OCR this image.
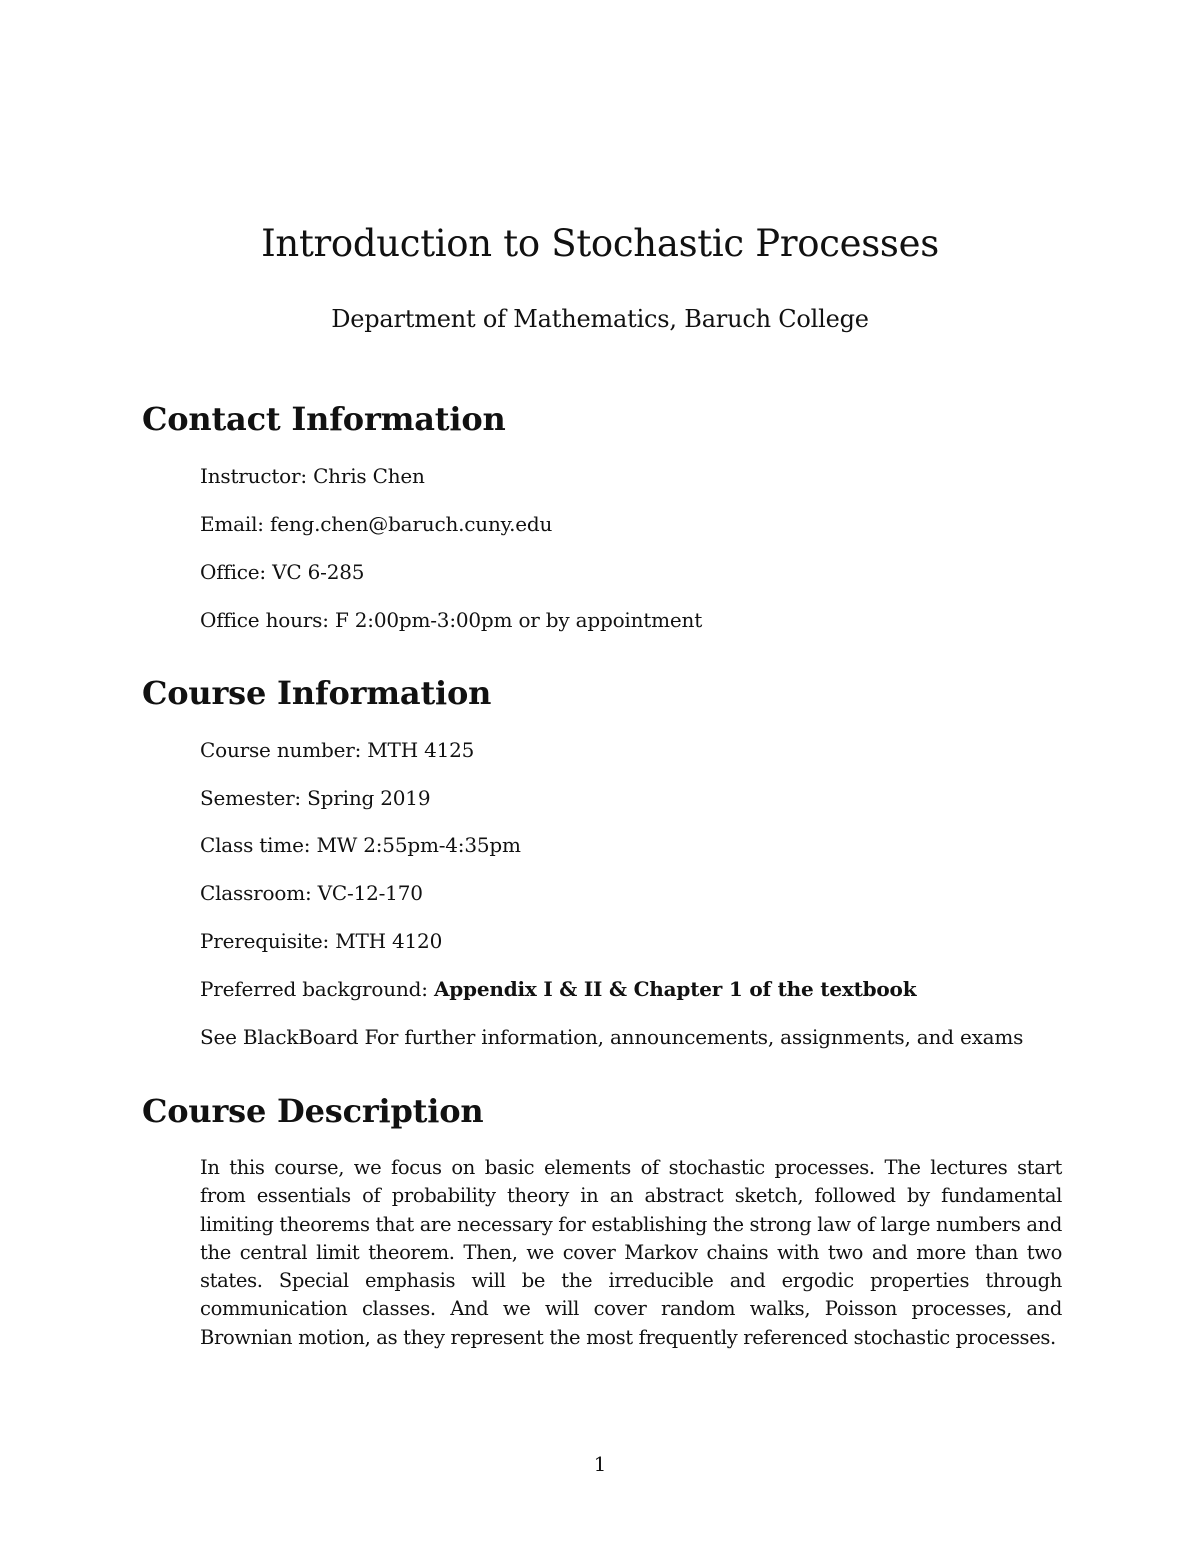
Introduction to Stochastic Processes

Department of Mathematics, Baruch College

Contact Information

Instructor: Chris Chen

Email: feng.chen@baruch.cuny.edu

Office: VC 6-285

Office hours: F 2:00pm-3:00pm or by appointment

Course Information

Course number: MTH 4125

Semester: Spring 2019

Class time: MW 2:55pm-4:35pm

Classroom: VC-12-170

Prerequisite: MTH 4120

Preferred background: Appendix I & II & Chapter 1 of the textbook

See BlackBoard For further information, announcements, assignments, and exams

Course Description

In this course, we focus on basic elements of stochastic processes. The lectures start from essentials of probability theory in an abstract sketch, followed by fundamental limiting theorems that are necessary for establishing the strong law of large numbers and the central limit theorem. Then, we cover Markov chains with two and more than two states. Special emphasis will be the irreducible and ergodic properties through communication classes. And we will cover random walks, Poisson processes, and Brownian motion, as they represent the most frequently referenced stochastic processes.

1
